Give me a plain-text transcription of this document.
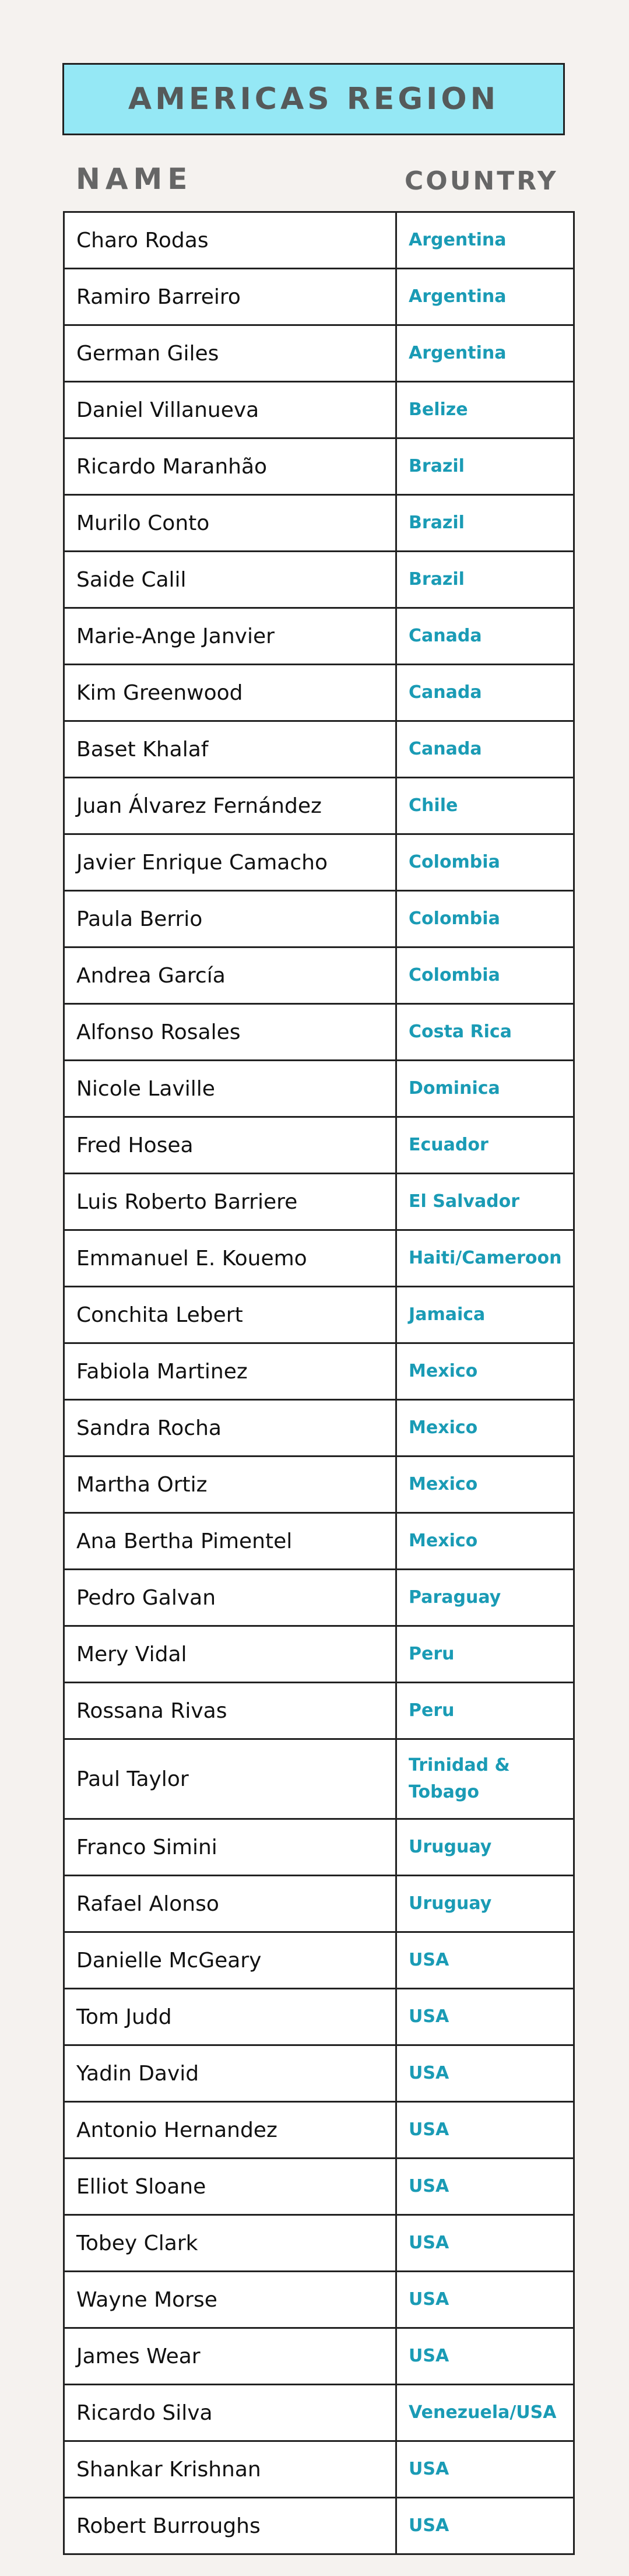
AMERICAS REGION
NAME	COUNTRY
Charo Rodas	Argentina
Ramiro Barreiro	Argentina
German Giles	Argentina
Daniel Villanueva	Belize
Ricardo Maranhão	Brazil
Murilo Conto	Brazil
Saide Calil	Brazil
Marie-Ange Janvier	Canada
Kim Greenwood	Canada
Baset Khalaf	Canada
Juan Álvarez Fernández	Chile
Javier Enrique Camacho	Colombia
Paula Berrio	Colombia
Andrea García	Colombia
Alfonso Rosales	Costa Rica
Nicole Laville	Dominica
Fred Hosea	Ecuador
Luis Roberto Barriere	El Salvador
Emmanuel E. Kouemo	Haiti/Cameroon
Conchita Lebert	Jamaica
Fabiola Martinez	Mexico
Sandra Rocha	Mexico
Martha Ortiz	Mexico
Ana Bertha Pimentel	Mexico
Pedro Galvan	Paraguay
Mery Vidal	Peru
Rossana Rivas	Peru
Paul Taylor	Trinidad & Tobago
Franco Simini	Uruguay
Rafael Alonso	Uruguay
Danielle McGeary	USA
Tom Judd	USA
Yadin David	USA
Antonio Hernandez	USA
Elliot Sloane	USA
Tobey Clark	USA
Wayne Morse	USA
James Wear	USA
Ricardo Silva	Venezuela/USA
Shankar Krishnan	USA
Robert Burroughs	USA
